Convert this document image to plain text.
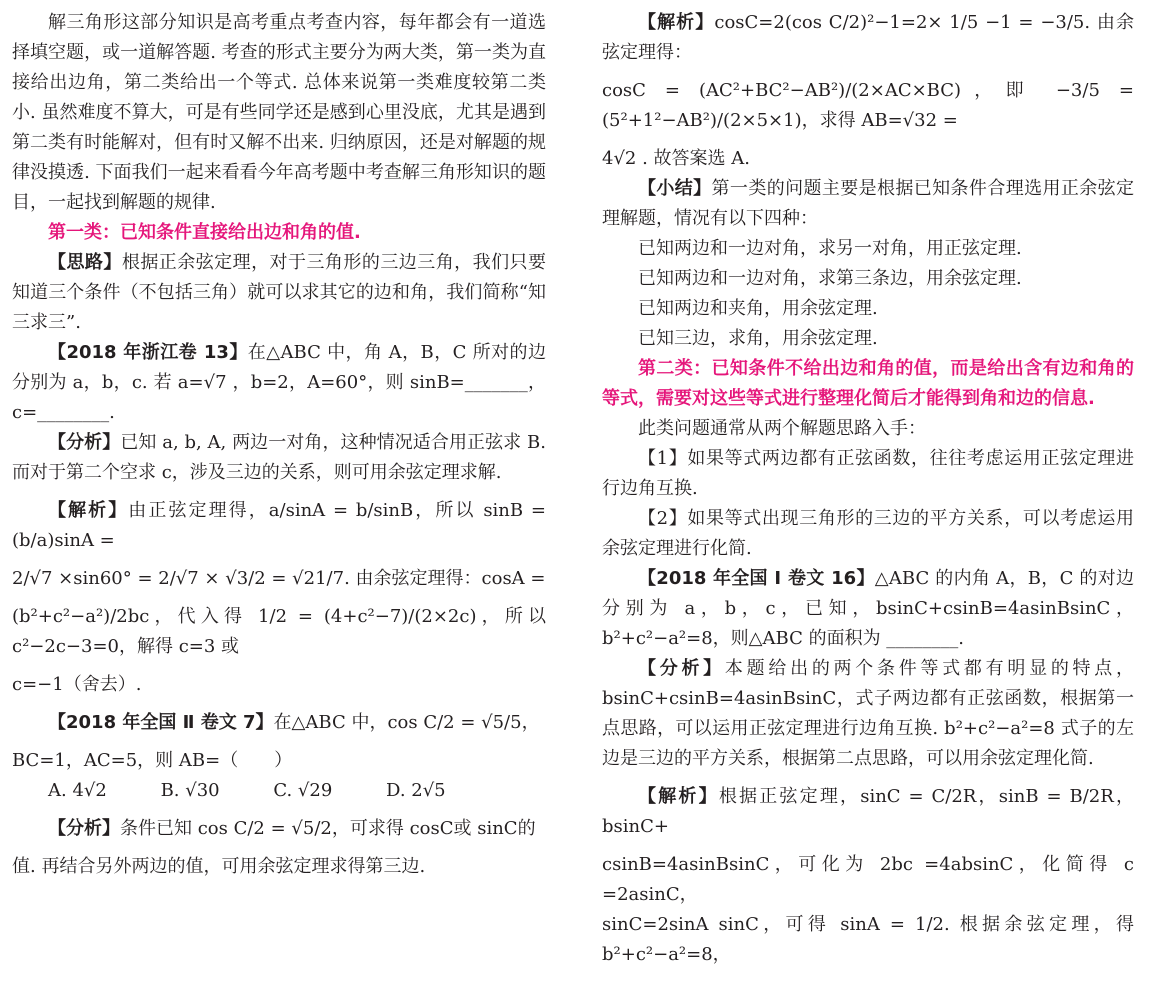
解三角形这部分知识是高考重点考查内容，每年都会有一道选择填空题，或一道解答题. 考查的形式主要分为两大类，第一类为直接给出边角，第二类给出一个等式. 总体来说第一类难度较第二类小. 虽然难度不算大，可是有些同学还是感到心里没底，尤其是遇到第二类有时能解对，但有时又解不出来. 归纳原因，还是对解题的规律没摸透. 下面我们一起来看看今年高考题中考查解三角形知识的题目，一起找到解题的规律.

第一类：已知条件直接给出边和角的值.

【思路】根据正余弦定理，对于三角形的三边三角，我们只要知道三个条件（不包括三角）就可以求其它的边和角，我们简称“知三求三”.

【2018 年浙江卷 13】在△ABC 中，角 A，B，C 所对的边分别为 a，b，c. 若 a=√7 ，b=2，A=60°，则 sinB=_______，c=________.

【分析】已知 a, b, A, 两边一对角，这种情况适合用正弦求 B. 而对于第二个空求 c，涉及三边的关系，则可用余弦定理求解.

【解析】由正弦定理得，a/sinA = b/sinB，所以 sinB = (b/a)sinA =

2/√7 ×sin60° = 2/√7 × √3/2 = √21/7. 由余弦定理得：cosA =

(b²+c²−a²)/2bc，代入得 1/2 = (4+c²−7)/(2×2c)，所以 c²−2c−3=0，解得 c=3 或

c=−1（舍去）.

【2018 年全国 Ⅱ 卷文 7】在△ABC 中，cos C/2 = √5/5，

BC=1，AC=5，则 AB=（　　）

A. 4√2	B. √30	C. √29	D. 2√5

【分析】条件已知 cos C/2 = √5/2，可求得 cosC或 sinC的

值. 再结合另外两边的值，可用余弦定理求得第三边.

【解析】cosC=2(cos C/2)²−1=2× 1/5 −1 = −3/5. 由余弦定理得：

cosC = (AC²+BC²−AB²)/(2×AC×BC)，即 −3/5 = (5²+1²−AB²)/(2×5×1)，求得 AB=√32 =

4√2 . 故答案选 A.

【小结】第一类的问题主要是根据已知条件合理选用正余弦定理解题，情况有以下四种：

已知两边和一边对角，求另一对角，用正弦定理.

已知两边和一边对角，求第三条边，用余弦定理.

已知两边和夹角，用余弦定理.

已知三边，求角，用余弦定理.

第二类：已知条件不给出边和角的值，而是给出含有边和角的等式，需要对这些等式进行整理化简后才能得到角和边的信息.

此类问题通常从两个解题思路入手：

【1】如果等式两边都有正弦函数，往往考虑运用正弦定理进行边角互换.

【2】如果等式出现三角形的三边的平方关系，可以考虑运用余弦定理进行化简.

【2018 年全国 Ⅰ 卷文 16】△ABC 的内角 A，B，C 的对边分别为 a，b，c，已知，bsinC+csinB=4asinBsinC，b²+c²−a²=8，则△ABC 的面积为 ________.

【分析】本题给出的两个条件等式都有明显的特点，bsinC+csinB=4asinBsinC，式子两边都有正弦函数，根据第一点思路，可以运用正弦定理进行边角互换. b²+c²−a²=8 式子的左边是三边的平方关系，根据第二点思路，可以用余弦定理化简.

【解析】根据正弦定理，sinC = C/2R，sinB = B/2R，bsinC+

csinB=4asinBsinC，可化为 2bc =4absinC，化简得 c =2asinC，

sinC=2sinA sinC，可得 sinA = 1/2. 根据余弦定理，得b²+c²−a²=8，
